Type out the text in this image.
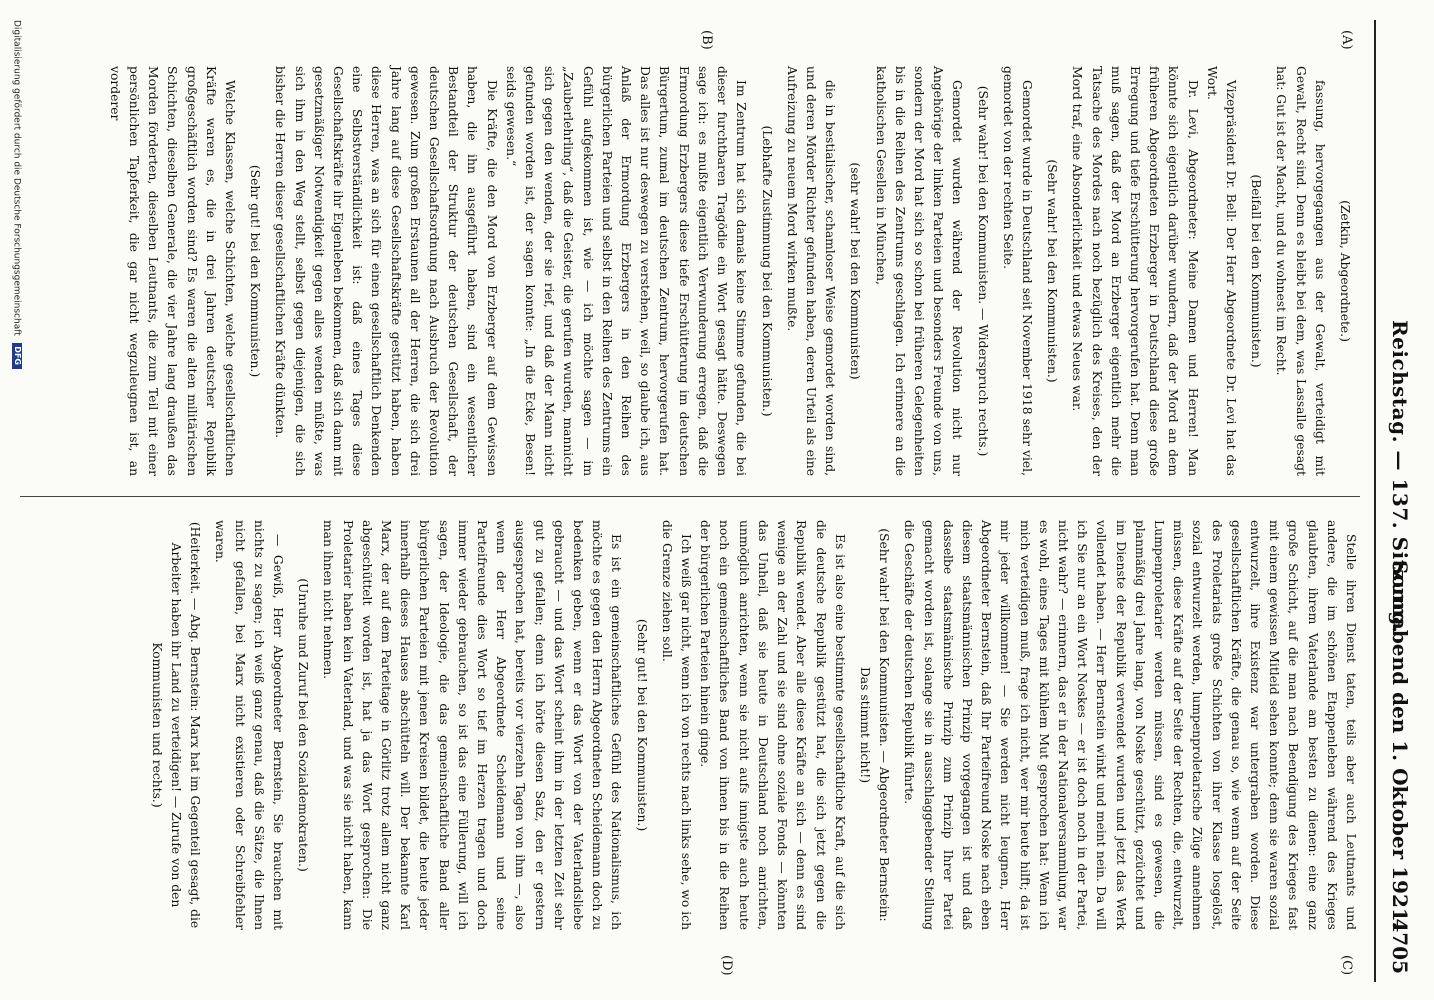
Reichstag. — 137. Sitzung.
Sonnabend den 1. Oktober 1921.
4705
(A)
(B)
(C)
(D)

(Zetkin, Abgeordnete.)

fassung, hervorgegangen aus der Gewalt, verteidigt mit Gewalt, Recht sind. Denn es bleibt bei dem, was Lassalle gesagt hat: Gut ist der Macht, und du wohnest im Recht.

(Beifall bei den Kommunisten.)

Vizepräsident Dr. Bell: Der Herr Abgeordnete Dr. Levi hat das Wort.

Dr. Levi, Abgeordneter: Meine Damen und Herren! Man könnte sich eigentlich darüber wundern, daß der Mord an dem früheren Abgeordneten Erzberger in Deutschland diese große Erregung und tiefe Erschütterung hervorgerufen hat. Denn man muß sagen, daß der Mord an Erzberger eigentlich mehr die Tatsache des Mordes nach noch bezüglich des Kreises, den der Mord traf, eine Absonderlichkeit und etwas Neues war.

(Sehr wahr! bei den Kommunisten.)

Gemordet wurde in Deutschland seit November 1918 sehr viel, gemordet von der rechten Seite.

(Sehr wahr! bei den Kommunisten. — Widerspruch rechts.)

Gemordet wurden während der Revolution nicht nur Angehörige der linken Parteien und besonders Freunde von uns, sondern der Mord hat sich so schon bei früheren Gelegenheiten bis in die Reihen des Zentrums geschlagen. Ich erinnere an die katholischen Gesellen in München,

(sehr wahr! bei den Kommunisten)

die in bestialischer, schamloser Weise gemordet worden sind, und deren Mörder Richter gefunden haben, deren Urteil als eine Aufreizung zu neuem Mord wirken mußte.

(Lebhafte Zustimmung bei den Kommunisten.)

Im Zentrum hat sich damals keine Stimme gefunden, die bei dieser furchtbaren Tragödie ein Wort gesagt hätte. Deswegen sage ich: es mußte eigentlich Verwunderung erregen, daß die Ermordung Erzbergers diese tiefe Erschütterung im deutschen Bürgertum, zumal im deutschen Zentrum, hervorgerufen hat. Das alles ist nur deswegen zu verstehen, weil, so glaube ich, aus Anlaß der Ermordung Erzbergers in den Reihen des bürgerlichen Parteien und selbst in den Reihen des Zentrums ein Gefühl aufgekommen ist, wie — ich möchte sagen — im „Zauberlehrling“, daß die Geister, die gerufen wurden, mannicht sich gegen den wenden, der sie rief, und daß der Mann nicht gefunden worden ist, der sagen konnte: „In die Ecke, Besen! seids gewesen.“

Die Kräfte, die den Mord von Erzberger auf dem Gewissen haben, die ihn ausgeführt haben, sind ein wesentlicher Bestandteil der Struktur der deutschen Gesellschaft, der deutschen Gesellschaftsordnung nach Ausbruch der Revolution gewesen. Zum großen Erstaunen all der Herren, die sich drei Jahre lang auf diese Gesellschaftskräfte gestützt haben, haben diese Herren, was an sich für einen gesellschaftlich Denkenden eine Selbstverständlichkeit ist: daß eines Tages diese Gesellschaftskräfte ihr Eigenleben bekommen, daß sich dann mit gesetzmäßiger Notwendigkeit gegen alles wenden müßte, was sich ihm in den Weg stellt, selbst gegen diejenigen, die sich bisher die Herren dieser gesellschaftlichen Kräfte dünkten.

(Sehr gut! bei den Kommunisten.)

Welche Klassen, welche Schichten, welche gesellschaftlichen Kräfte waren es, die in drei Jahren deutscher Republik großgeschäftlich worden sind? Es waren die alten militärischen Schichten, dieselben Generale, die vier Jahre lang draußen das Morden förderten, dieselben Leutnants, die zum Teil mit einer persönlichen Tapferkeit, die gar nicht wegzuleugnen ist, an vorderer

Stelle ihren Dienst taten, teils aber auch Leutnants und andere, die im schönen Etappenleben während des Krieges glaubten, ihrem Vaterlande am besten zu dienen: eine ganz große Schicht, auf die man nach Beendigung des Krieges fast mit einem gewissen Mitleid sehen konnte; denn sie waren sozial entwurzelt, ihre Existenz war untergraben worden. Diese gesellschaftlichen Kräfte, die genau so, wie wenn auf der Seite des Proletariats große Schichten von ihrer Klasse losgelöst, sozial entwurzelt werden, lumpenproletarische Züge annehmen müssen, diese Kräfte auf der Seite der Rechten, die, entwurzelt, Lumpenproletarier werden müssen, sind es gewesen, die planmäßig drei Jahre lang, von Noske geschützt, gezüchtet und im Dienste der Republik verwendet wurden und jetzt das Werk vollendet haben. — Herr Bernstein winkt und meint nein. Da will ich Sie nur an ein Wort Noskes — er ist doch noch in der Partei, nicht wahr? — erinnern, das er in der Nationalversammlung, war es wohl, eines Tages mit kühlem Mut gesprochen hat: Wenn ich mich verteidigen muß, frage ich nicht, wer mir heute hilft; da ist mir jeder willkommen! — Sie werden nicht leugnen, Herr Abgeordneter Bernstein, daß Ihr Parteifreund Noske nach eben diesem staatsmännischen Prinzip vorgegangen ist und daß dasselbe staatsmännische Prinzip zum Prinzip Ihrer Partei gemacht worden ist, solange sie in ausschlaggebender Stellung die Geschäfte der deutschen Republik führte.

(Sehr wahr! bei den Kommunisten. — Abgeordneter Bernstein: Das stimmt nicht!)

Es ist also eine bestimmte gesellschaftliche Kraft, auf die sich die deutsche Republik gestützt hat, die sich jetzt gegen die Republik wendet. Aber alle diese Kräfte an sich — denn es sind wenige an der Zahl und sie sind ohne soziale Fonds — könnten das Unheil, daß sie heute in Deutschland noch anrichten, unmöglich anrichten, wenn sie nicht aufs innigste auch heute noch ein gemeinschaftliches Band von ihnen bis in die Reihen der bürgerlichen Parteien hinein ginge.

Ich weiß gar nicht, wenn ich von rechts nach links sehe, wo ich die Grenze ziehen soll.

(Sehr gut! bei den Kommunisten.)

Es ist ein gemeinschaftliches Gefühl des Nationalismus, ich möchte es gegen den Herrn Abgeordneten Scheidemann doch zu bedenken geben, wenn er das Wort von der Vaterlandsliebe gebraucht — und das Wort scheint ihm in der letzten Zeit sehr gut zu gefallen; denn ich hörte diesen Satz, den er gestern ausgesprochen hat, bereits vor vierzehn Tagen von ihm —, also wenn der Herr Abgeordnete Scheidemann und seine Parteifreunde dies Wort so tief im Herzen tragen und doch immer wieder gebrauchen, so ist das eine Füllerung, will ich sagen, der Ideologie, die das gemeinschaftliche Band aller bürgerlichen Parteien mit jenen Kreisen bildet, die heute jeder innerhalb dieses Hauses abschütteln will. Der bekannte Karl Marx, der auf dem Parteitage in Görlitz trotz allem nicht ganz abgeschüttelt worden ist, hat ja das Wort gesprochen: Die Proletarier haben kein Vaterland, und was sie nicht haben, kann man ihnen nicht nehmen.

(Unruhe und Zuruf bei den Sozialdemokraten.)

— Gewiß, Herr Abgeordneter Bernstein, Sie brauchen mit nichts zu sagen; ich weiß ganz genau, daß die Sätze, die Ihnen nicht gefallen, bei Marx nicht existieren oder Schreibfehler waren.

(Heiterkeit. — Abg. Bernstein: Marx hat im Gegenteil gesagt, die Arbeiter haben ihr Land zu verteidigen! — Zurufe von den Kommunisten und rechts.)

Digitalisierung gefördert durch die Deutsche Forschungsgemeinschaft DFG
